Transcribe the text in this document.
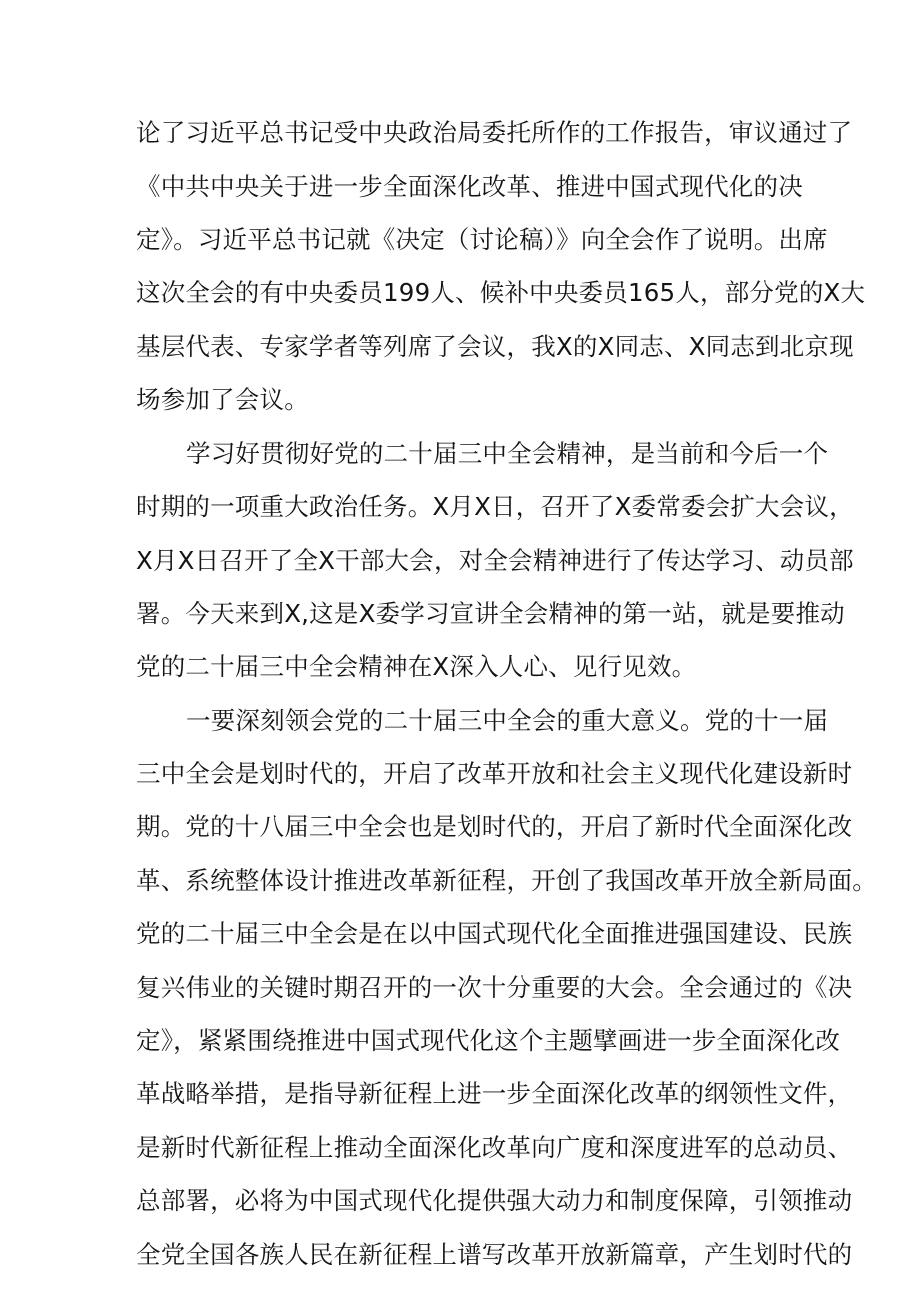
论了习近平总书记受中央政治局委托所作的工作报告，审议通过了
《中共中央关于进一步全面深化改革、推进中国式现代化的决
定》。习近平总书记就《决定（讨论稿）》向全会作了说明。出席
这次全会的有中央委员199人、候补中央委员165人，部分党的X大
基层代表、专家学者等列席了会议，我X的X同志、X同志到北京现
场参加了会议。
学习好贯彻好党的二十届三中全会精神，是当前和今后一个
时期的一项重大政治任务。X月X日，召开了X委常委会扩大会议，
X月X日召开了全X干部大会，对全会精神进行了传达学习、动员部
署。今天来到X,这是X委学习宣讲全会精神的第一站，就是要推动
党的二十届三中全会精神在X深入人心、见行见效。
一要深刻领会党的二十届三中全会的重大意义。党的十一届
三中全会是划时代的，开启了改革开放和社会主义现代化建设新时
期。党的十八届三中全会也是划时代的，开启了新时代全面深化改
革、系统整体设计推进改革新征程，开创了我国改革开放全新局面。
党的二十届三中全会是在以中国式现代化全面推进强国建设、民族
复兴伟业的关键时期召开的一次十分重要的大会。全会通过的《决
定》，紧紧围绕推进中国式现代化这个主题擘画进一步全面深化改
革战略举措，是指导新征程上进一步全面深化改革的纲领性文件，
是新时代新征程上推动全面深化改革向广度和深度进军的总动员、
总部署，必将为中国式现代化提供强大动力和制度保障，引领推动
全党全国各族人民在新征程上谱写改革开放新篇章，产生划时代的
